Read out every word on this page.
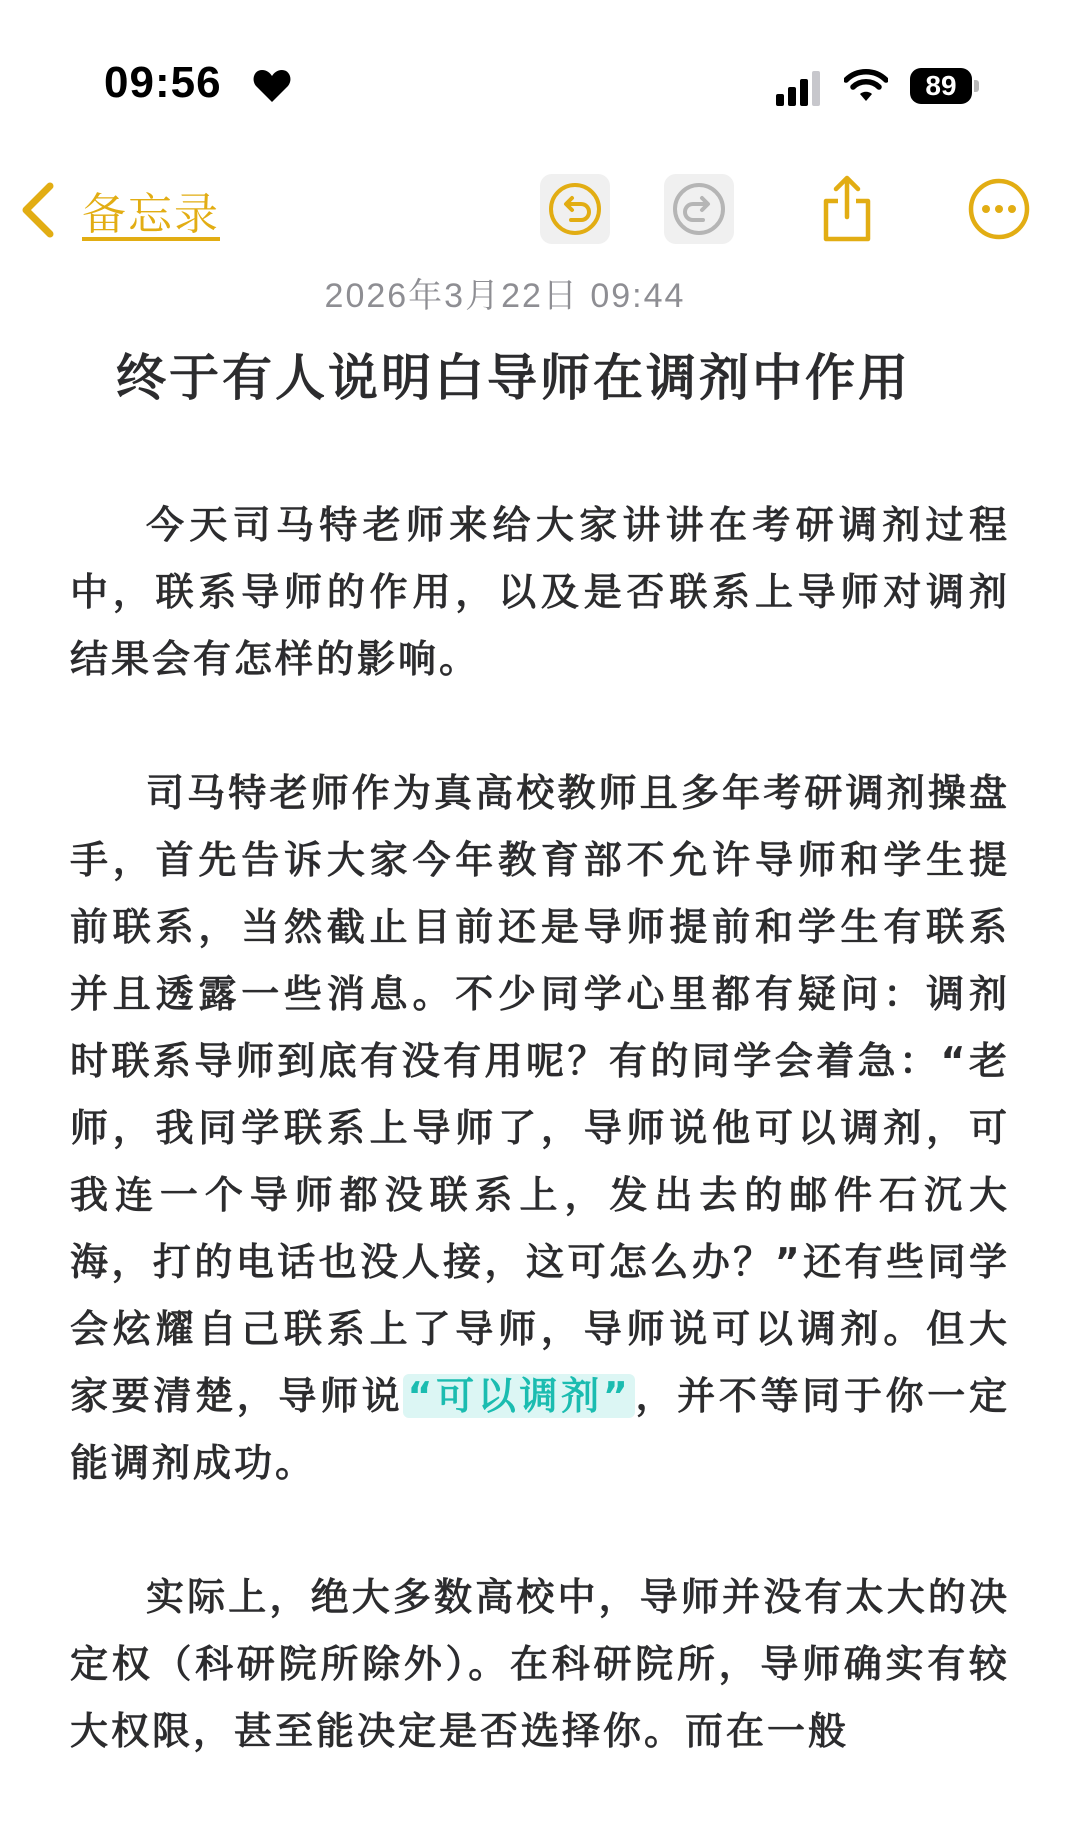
09:56	89
备忘录
2026年3月22日 09:44
终于有人说明白导师在调剂中作用

今天司马特老师来给大家讲讲在考研调剂过程中，联系导师的作用，以及是否联系上导师对调剂结果会有怎样的影响。

司马特老师作为真高校教师且多年考研调剂操盘手，首先告诉大家今年教育部不允许导师和学生提前联系，当然截止目前还是导师提前和学生有联系并且透露一些消息。不少同学心里都有疑问：调剂时联系导师到底有没有用呢？有的同学会着急：“老师，我同学联系上导师了，导师说他可以调剂，可我连一个导师都没联系上，发出去的邮件石沉大海，打的电话也没人接，这可怎么办？”还有些同学会炫耀自己联系上了导师，导师说可以调剂。但大家要清楚，导师说 “可以调剂” ，并不等同于你一定能调剂成功。

实际上，绝大多数高校中，导师并没有太大的决定权（科研院所除外）。在科研院所，导师确实有较大权限，甚至能决定是否选择你。而在一般
